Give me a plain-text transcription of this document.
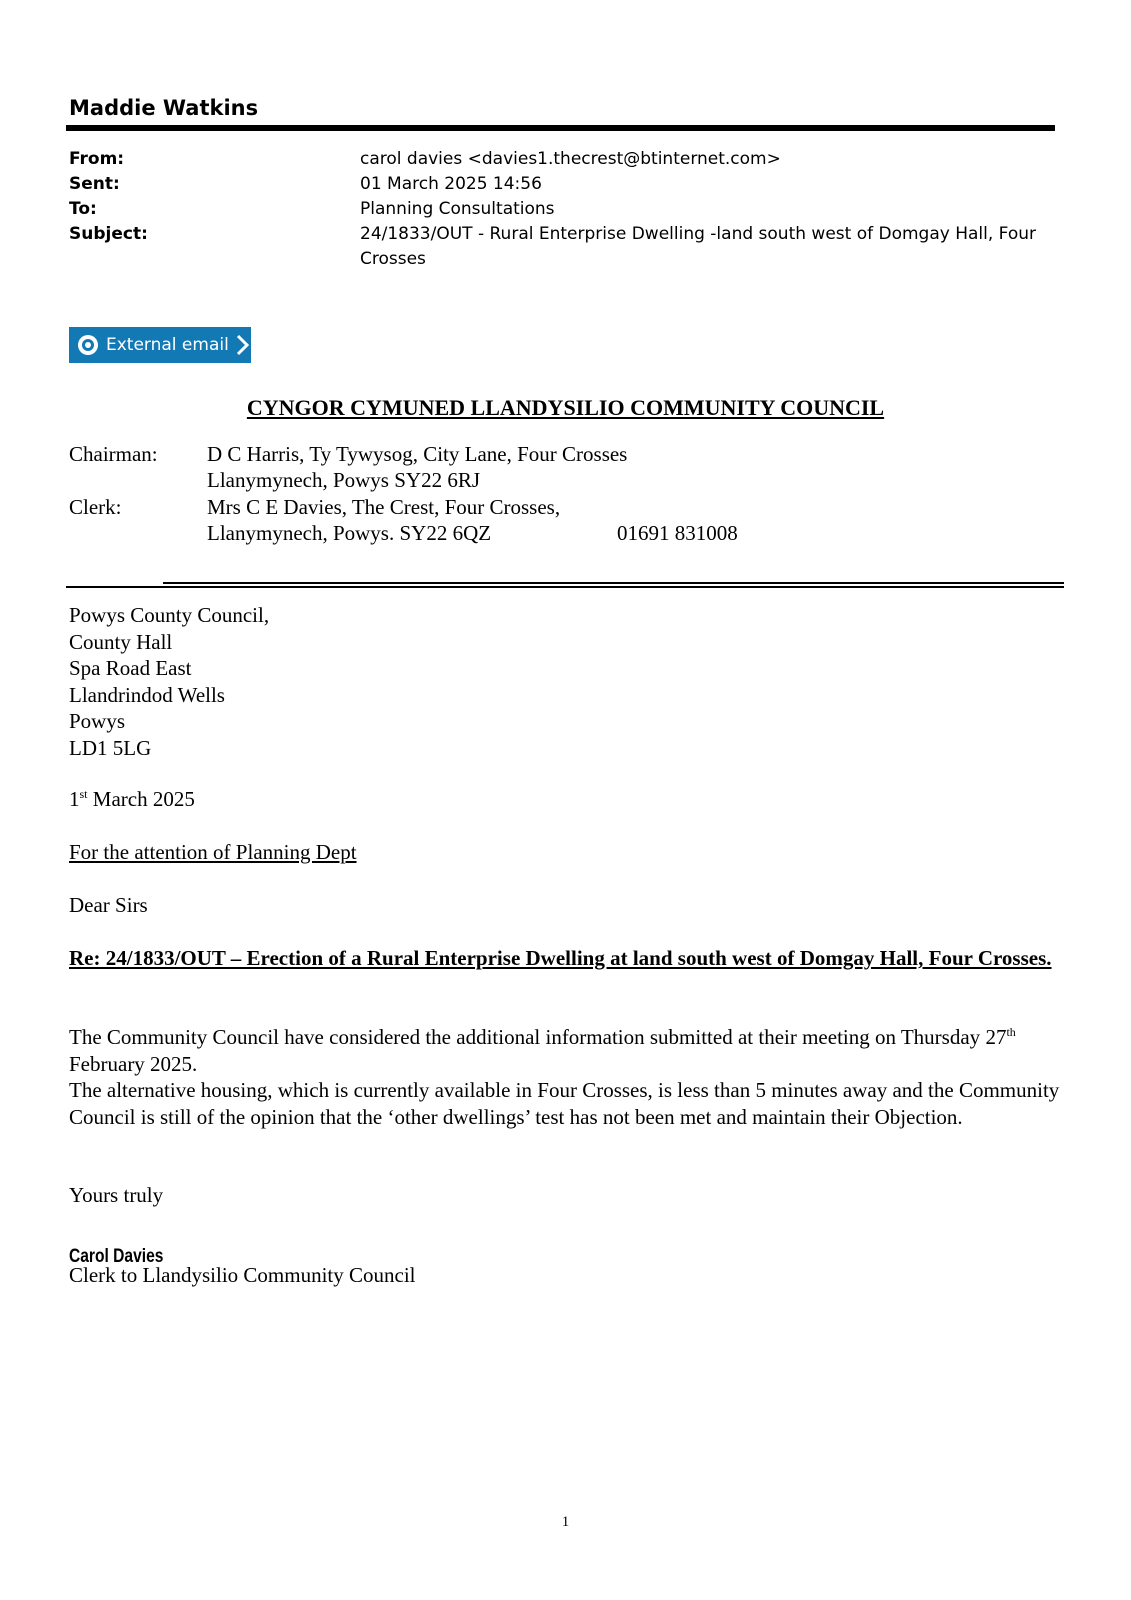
Maddie Watkins
From:	carol davies <davies1.thecrest@btinternet.com>
Sent:	01 March 2025 14:56
To:	Planning Consultations
Subject:	24/1833/OUT - Rural Enterprise Dwelling -land south west of Domgay Hall, Four Crosses
External email
CYNGOR CYMUNED LLANDYSILIO COMMUNITY COUNCIL
Chairman: D C Harris, Ty Tywysog, City Lane, Four Crosses
Llanymynech, Powys SY22 6RJ
Clerk:	Mrs C E Davies, The Crest, Four Crosses,
Llanymynech, Powys. SY22 6QZ	01691 831008
Powys County Council,
County Hall
Spa Road East
Llandrindod Wells
Powys
LD1 5LG
1st March 2025
For the attention of Planning Dept
Dear Sirs
Re: 24/1833/OUT – Erection of a Rural Enterprise Dwelling at land south west of Domgay Hall, Four Crosses.
The Community Council have considered the additional information submitted at their meeting on Thursday 27th February 2025.
The alternative housing, which is currently available in Four Crosses, is less than 5 minutes away and the Community Council is still of the opinion that the ‘other dwellings’ test has not been met and maintain their Objection.
Yours truly
Carol Davies
Clerk to Llandysilio Community Council
1
